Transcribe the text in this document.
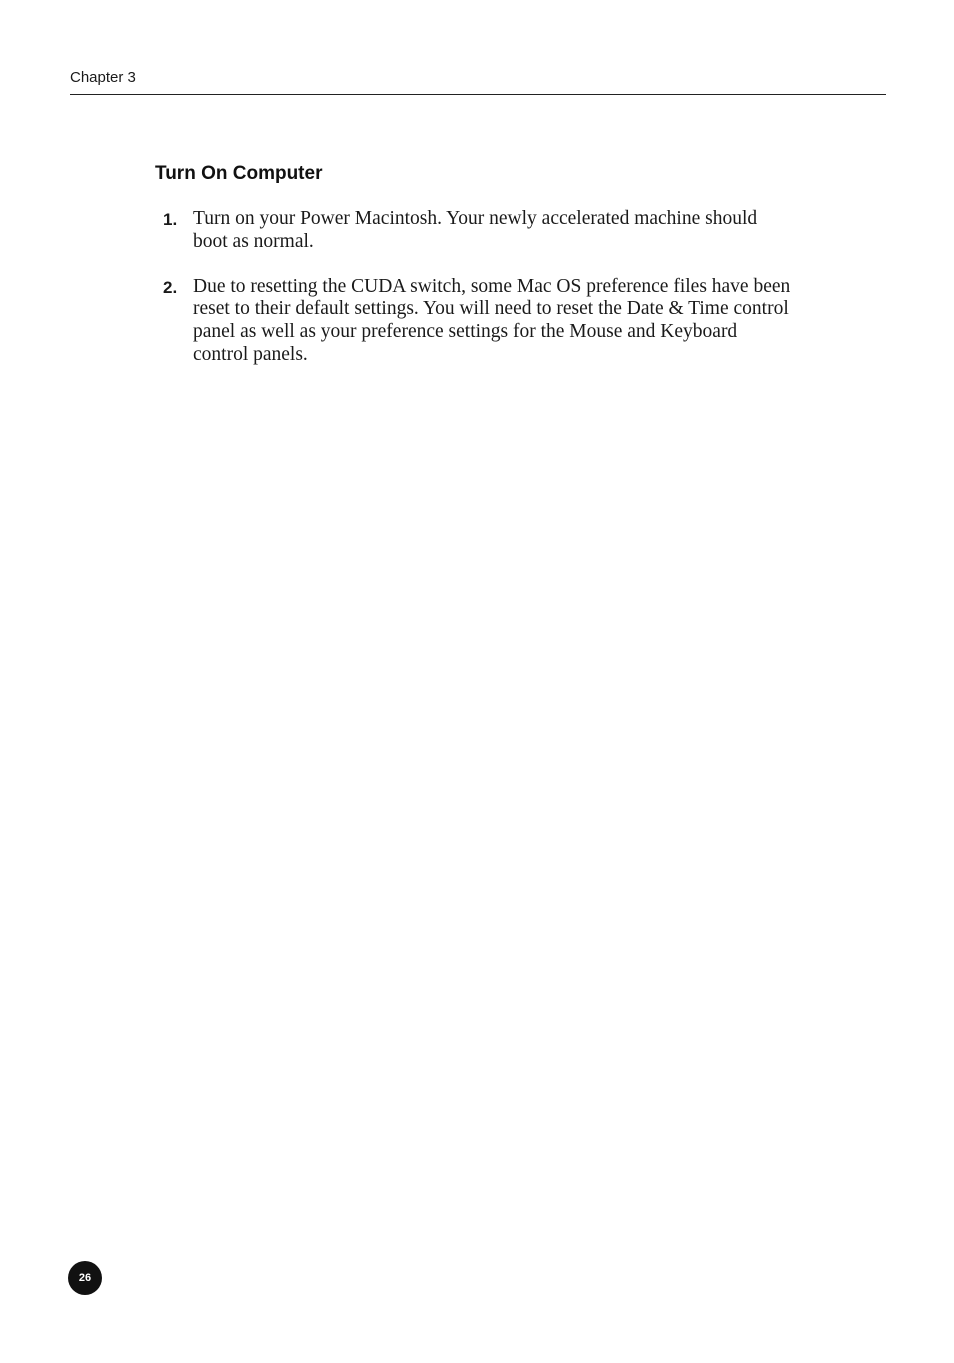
Chapter 3
Turn On Computer
1. Turn on your Power Macintosh. Your newly accelerated machine should boot as normal.
2. Due to resetting the CUDA switch, some Mac OS preference files have been reset to their default settings. You will need to reset the Date & Time control panel as well as your preference settings for the Mouse and Keyboard control panels.
26
